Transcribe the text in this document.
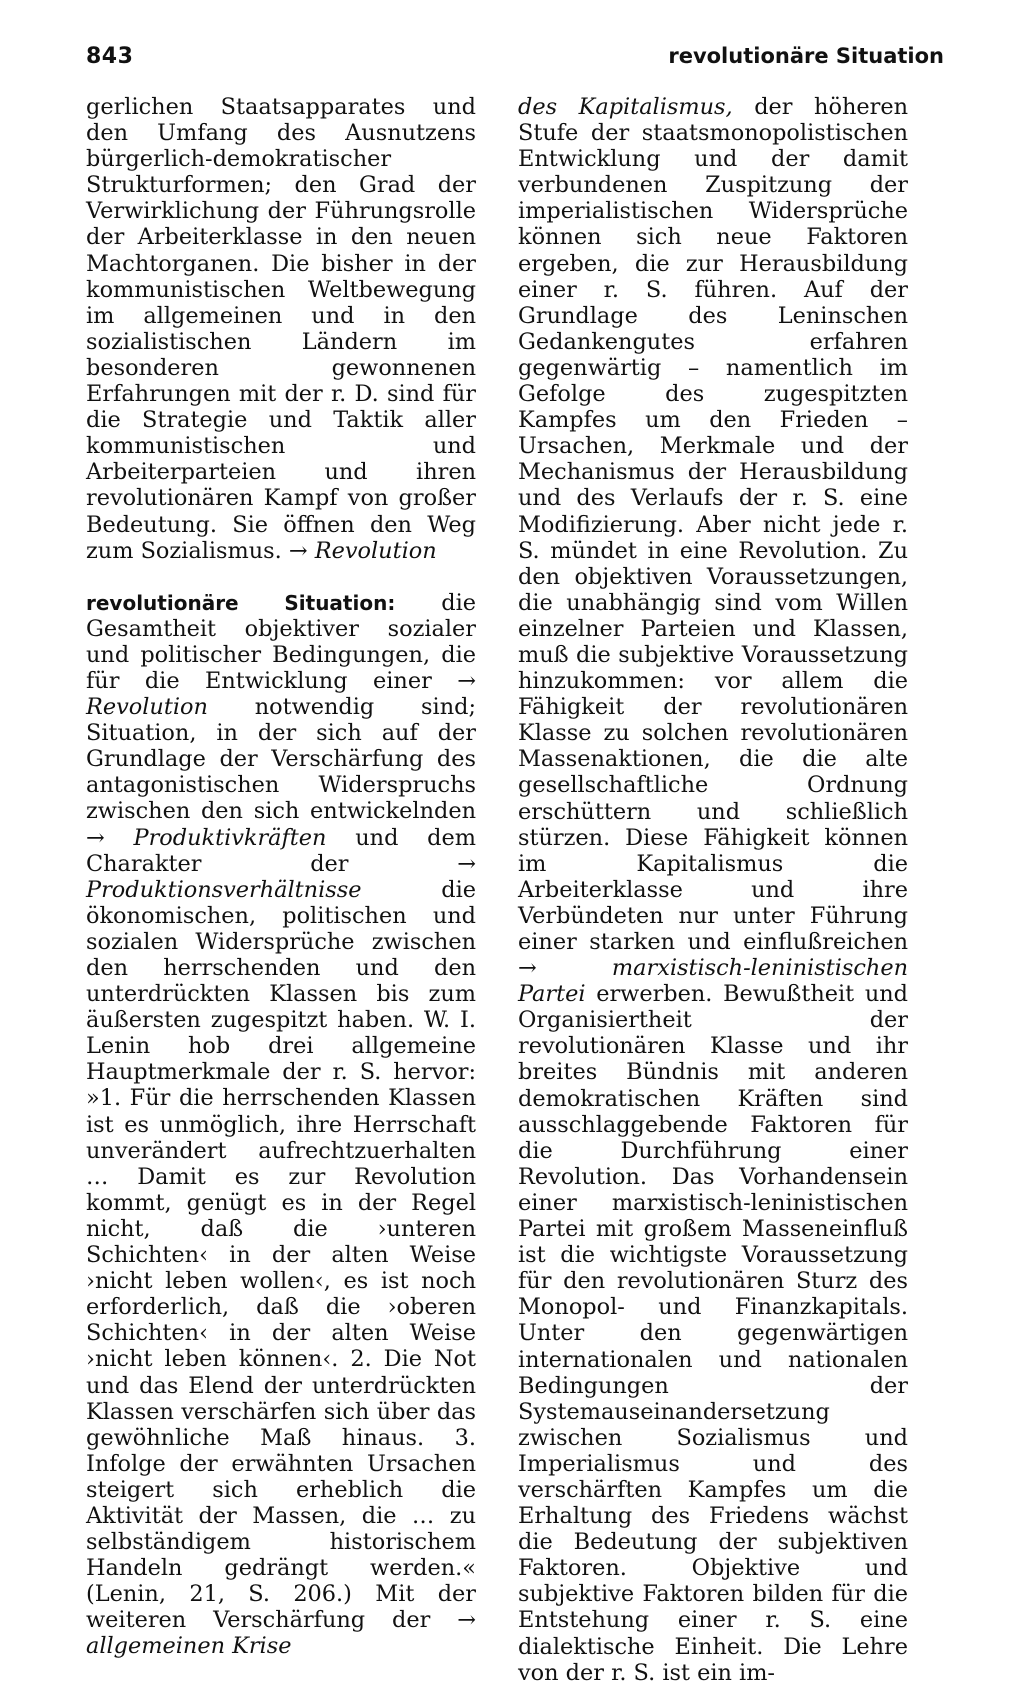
843	revolutionäre Situation

gerlichen Staatsapparates und den Umfang des Ausnutzens bürgerlich-demokratischer Strukturformen; den Grad der Verwirklichung der Führungsrolle der Arbeiterklasse in den neuen Machtorganen. Die bisher in der kommunistischen Weltbewegung im allgemeinen und in den sozialistischen Ländern im besonderen gewonnenen Erfahrungen mit der r. D. sind für die Strategie und Taktik aller kommunistischen und Arbeiterparteien und ihren revolutionären Kampf von großer Bedeutung. Sie öffnen den Weg zum Sozialismus. → Revolution

revolutionäre Situation: die Gesamtheit objektiver sozialer und politischer Bedingungen, die für die Entwicklung einer → Revolution notwendig sind; Situation, in der sich auf der Grundlage der Verschärfung des antagonistischen Widerspruchs zwischen den sich entwickelnden → Produktivkräften und dem Charakter der → Produktionsverhältnisse die ökonomischen, politischen und sozialen Widersprüche zwischen den herrschenden und den unterdrückten Klassen bis zum äußersten zugespitzt haben. W. I. Lenin hob drei allgemeine Hauptmerkmale der r. S. hervor: »1. Für die herrschenden Klassen ist es unmöglich, ihre Herrschaft unverändert aufrechtzuerhalten … Damit es zur Revolution kommt, genügt es in der Regel nicht, daß die ›unteren Schichten‹ in der alten Weise ›nicht leben wollen‹, es ist noch erforderlich, daß die ›oberen Schichten‹ in der alten Weise ›nicht leben können‹. 2. Die Not und das Elend der unterdrückten Klassen verschärfen sich über das gewöhnliche Maß hinaus. 3. Infolge der erwähnten Ursachen steigert sich erheblich die Aktivität der Massen, die … zu selbständigem historischem Handeln gedrängt werden.« (Lenin, 21, S. 206.) Mit der weiteren Verschärfung der → allgemeinen Krise

des Kapitalismus, der höheren Stufe der staatsmonopolistischen Entwicklung und der damit verbundenen Zuspitzung der imperialistischen Widersprüche können sich neue Faktoren ergeben, die zur Herausbildung einer r. S. führen. Auf der Grundlage des Leninschen Gedankengutes erfahren gegenwärtig – namentlich im Gefolge des zugespitzten Kampfes um den Frieden – Ursachen, Merkmale und der Mechanismus der Herausbildung und des Verlaufs der r. S. eine Modifizierung. Aber nicht jede r. S. mündet in eine Revolution. Zu den objektiven Voraussetzungen, die unabhängig sind vom Willen einzelner Parteien und Klassen, muß die subjektive Voraussetzung hinzukommen: vor allem die Fähigkeit der revolutionären Klasse zu solchen revolutionären Massenaktionen, die die alte gesellschaftliche Ordnung erschüttern und schließlich stürzen. Diese Fähigkeit können im Kapitalismus die Arbeiterklasse und ihre Verbündeten nur unter Führung einer starken und einflußreichen → marxistisch-leninistischen Partei erwerben. Bewußtheit und Organisiertheit der revolutionären Klasse und ihr breites Bündnis mit anderen demokratischen Kräften sind ausschlaggebende Faktoren für die Durchführung einer Revolution. Das Vorhandensein einer marxistisch-leninistischen Partei mit großem Masseneinfluß ist die wichtigste Voraussetzung für den revolutionären Sturz des Monopol- und Finanzkapitals. Unter den gegenwärtigen internationalen und nationalen Bedingungen der Systemauseinandersetzung zwischen Sozialismus und Imperialismus und des verschärften Kampfes um die Erhaltung des Friedens wächst die Bedeutung der subjektiven Faktoren. Objektive und subjektive Faktoren bilden für die Entstehung einer r. S. eine dialektische Einheit. Die Lehre von der r. S. ist ein im-
